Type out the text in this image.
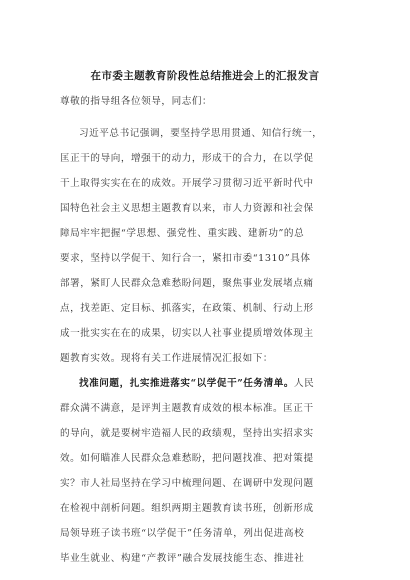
在市委主题教育阶段性总结推进会上的汇报发言
尊敬的指导组各位领导，同志们：
习近平总书记强调，要坚持学思用贯通、知信行统一，
匡正干的导向，增强干的动力，形成干的合力，在以学促
干上取得实实在在的成效。开展学习贯彻习近平新时代中
国特色社会主义思想主题教育以来，市人力资源和社会保
障局牢牢把握“学思想、强党性、重实践、建新功”的总
要求，坚持以学促干、知行合一，紧扣市委“1310”具体
部署，紧盯人民群众急难愁盼问题，聚焦事业发展堵点痛
点，找差距、定目标、抓落实，在政策、机制、行动上形
成一批实实在在的成果，切实以人社事业提质增效体现主
题教育实效。现将有关工作进展情况汇报如下：
找准问题，扎实推进落实“以学促干”任务清单。人民
群众满不满意，是评判主题教育成效的根本标准。匡正干
的导向，就是要树牢造福人民的政绩观，坚持出实招求实
效。如何瞄准人民群众急难愁盼，把问题找准、把对策提
实？市人社局坚持在学习中梳理问题、在调研中发现问题
在检视中剖析问题。组织两期主题教育读书班，创新形成
局领导班子读书班“以学促干”任务清单，列出促进高校
毕业生就业、构建“产教评”融合发展技能生态、推进社
